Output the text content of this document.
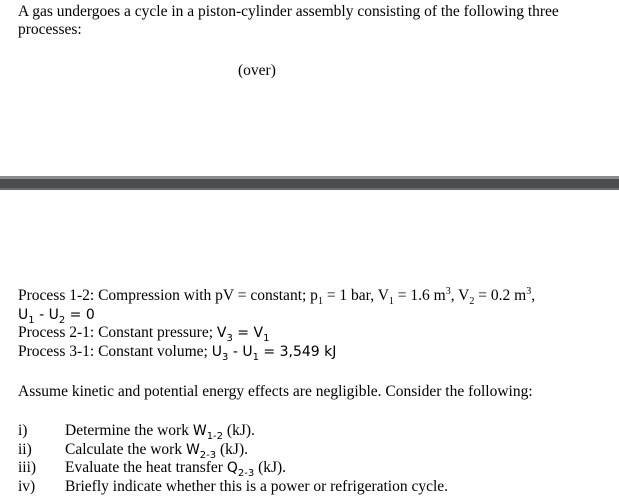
A gas undergoes a cycle in a piston-cylinder assembly consisting of the following three processes:
(over)
Process 1-2: Compression with pV = constant; $p_1 = 1$ bar, $V_1 = 1.6$ $m^3$, $V_2 = 0.2$ $m^3$,
$U_1 - U_2 = 0$
Process 2-1: Constant pressure; $V_3 = V_1$
Process 3-1: Constant volume; $U_3 - U_1 = 3,549$ kJ
Assume kinetic and potential energy effects are negligible. Consider the following:
i)	Determine the work $W_{1-2}$ (kJ).
ii)	Calculate the work $W_{2-3}$ (kJ).
iii)	Evaluate the heat transfer $Q_{2-3}$ (kJ).
iv)	Briefly indicate whether this is a power or refrigeration cycle.
